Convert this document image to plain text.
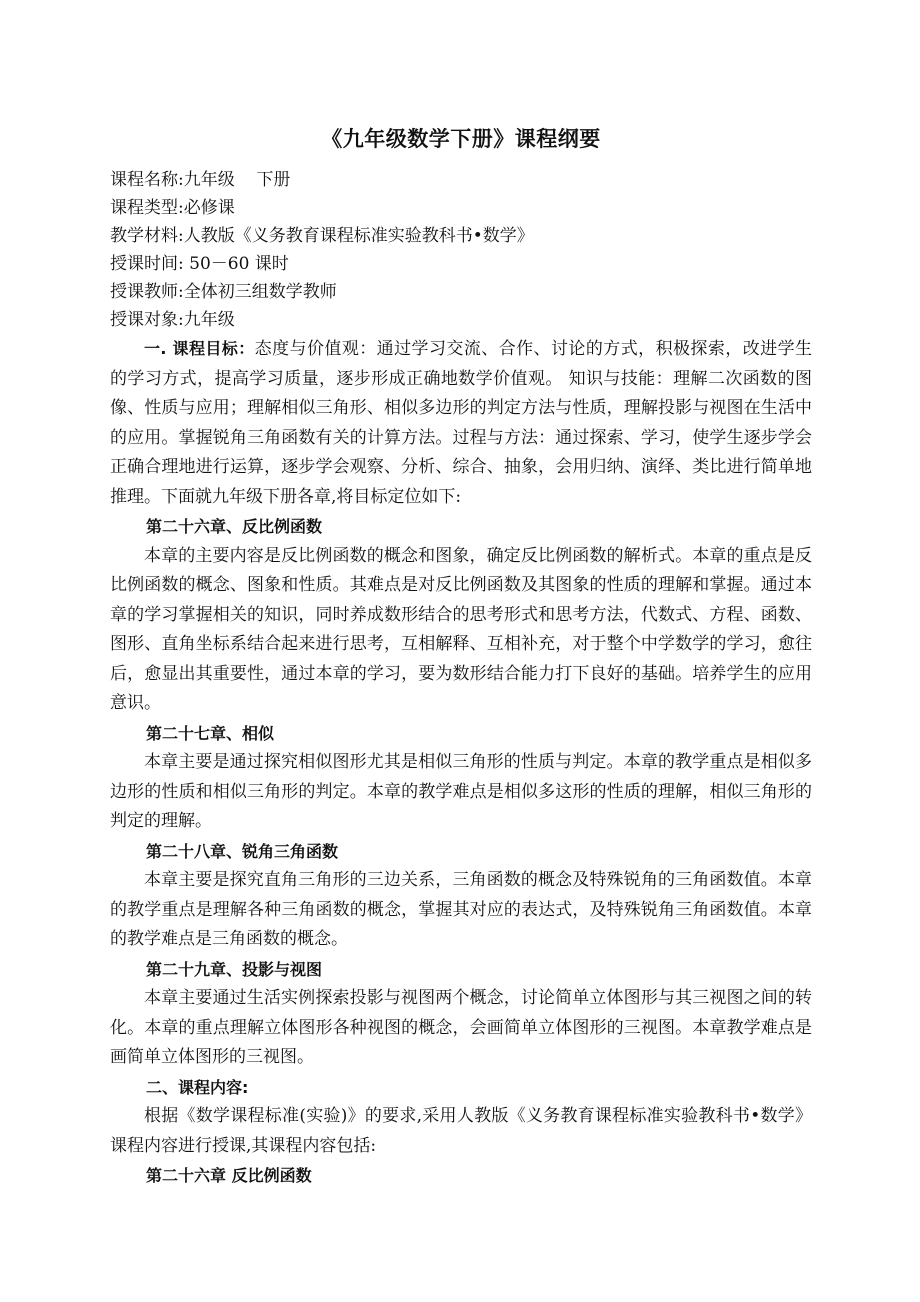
《九年级数学下册》课程纲要
课程名称:九年级    下册
课程类型:必修课
教学材料:人教版《义务教育课程标准实验教科书•数学》
授课时间: 50－60 课时
授课教师:全体初三组数学教师
授课对象:九年级

一. 课程目标：态度与价值观：通过学习交流、合作、讨论的方式，积极探索，改进学生的学习方式，提高学习质量，逐步形成正确地数学价值观。 知识与技能：理解二次函数的图像、性质与应用；理解相似三角形、相似多边形的判定方法与性质，理解投影与视图在生活中的应用。掌握锐角三角函数有关的计算方法。过程与方法：通过探索、学习，使学生逐步学会正确合理地进行运算，逐步学会观察、分析、综合、抽象，会用归纳、演绎、类比进行简单地推理。下面就九年级下册各章,将目标定位如下:

第二十六章、反比例函数

本章的主要内容是反比例函数的概念和图象，确定反比例函数的解析式。本章的重点是反比例函数的概念、图象和性质。其难点是对反比例函数及其图象的性质的理解和掌握。通过本章的学习掌握相关的知识，同时养成数形结合的思考形式和思考方法，代数式、方程、函数、图形、直角坐标系结合起来进行思考，互相解释、互相补充，对于整个中学数学的学习，愈往后，愈显出其重要性，通过本章的学习，要为数形结合能力打下良好的基础。培养学生的应用意识。

第二十七章、相似

本章主要是通过探究相似图形尤其是相似三角形的性质与判定。本章的教学重点是相似多边形的性质和相似三角形的判定。本章的教学难点是相似多这形的性质的理解，相似三角形的判定的理解。

第二十八章、锐角三角函数

本章主要是探究直角三角形的三边关系，三角函数的概念及特殊锐角的三角函数值。本章的教学重点是理解各种三角函数的概念，掌握其对应的表达式，及特殊锐角三角函数值。本章的教学难点是三角函数的概念。

第二十九章、投影与视图

本章主要通过生活实例探索投影与视图两个概念，讨论简单立体图形与其三视图之间的转化。本章的重点理解立体图形各种视图的概念，会画简单立体图形的三视图。本章教学难点是画简单立体图形的三视图。

二、课程内容:

根据《数学课程标准(实验)》的要求,采用人教版《义务教育课程标准实验教科书•数学》课程内容进行授课,其课程内容包括:

第二十六章 反比例函数
